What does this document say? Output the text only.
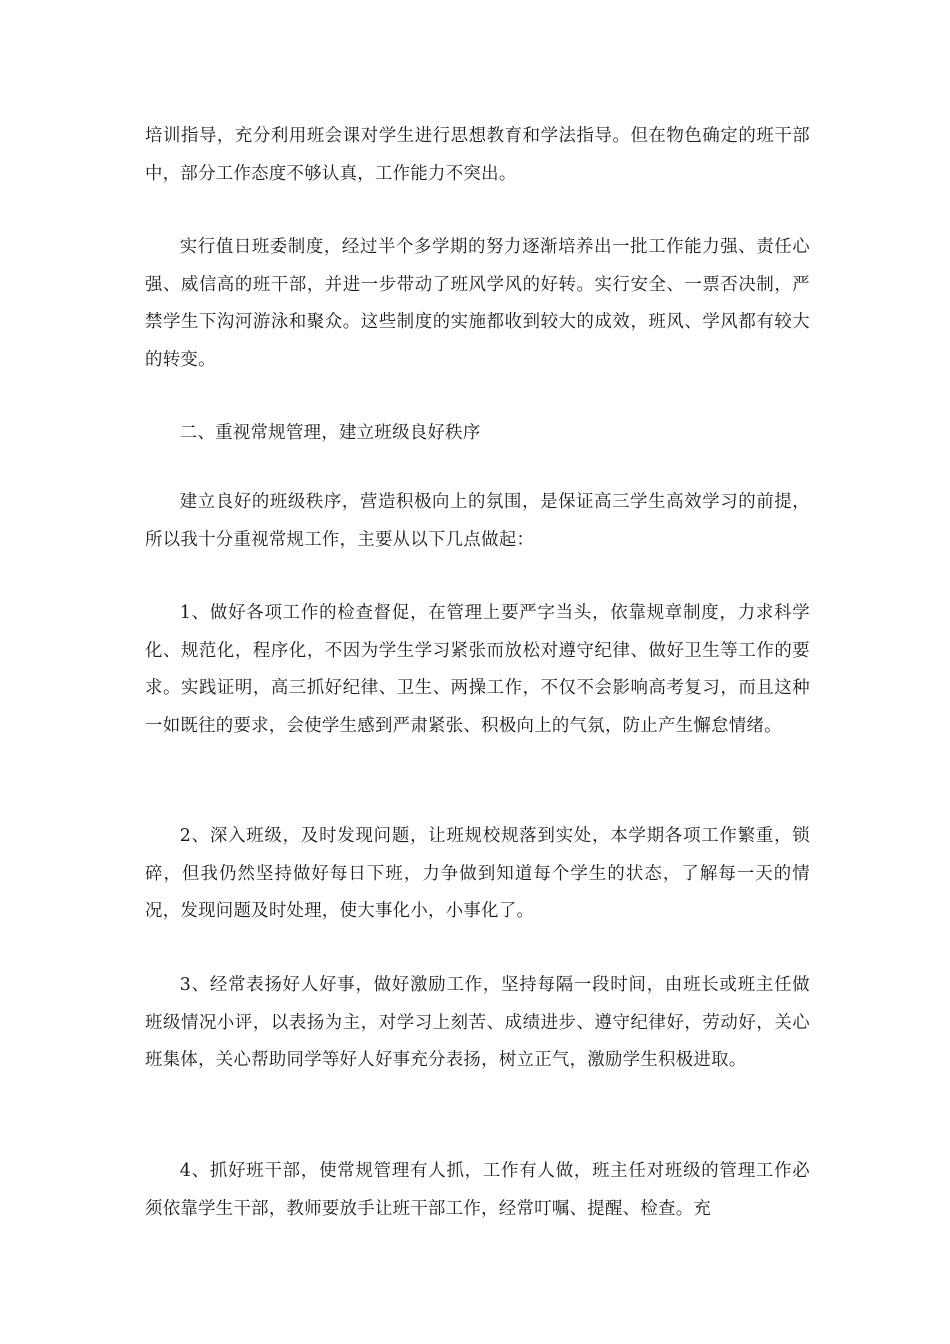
培训指导，充分利用班会课对学生进行思想教育和学法指导。但在物色确定的班干部中，部分工作态度不够认真，工作能力不突出。

实行值日班委制度，经过半个多学期的努力逐渐培养出一批工作能力强、责任心强、威信高的班干部，并进一步带动了班风学风的好转。实行安全、一票否决制，严禁学生下沟河游泳和聚众。这些制度的实施都收到较大的成效，班风、学风都有较大的转变。

二、重视常规管理，建立班级良好秩序

建立良好的班级秩序，营造积极向上的氛围，是保证高三学生高效学习的前提，所以我十分重视常规工作，主要从以下几点做起：

1、做好各项工作的检查督促，在管理上要严字当头，依靠规章制度，力求科学化、规范化，程序化，不因为学生学习紧张而放松对遵守纪律、做好卫生等工作的要求。实践证明，高三抓好纪律、卫生、两操工作，不仅不会影响高考复习，而且这种一如既往的要求，会使学生感到严肃紧张、积极向上的气氛，防止产生懈怠情绪。

2、深入班级，及时发现问题，让班规校规落到实处，本学期各项工作繁重，锁碎，但我仍然坚持做好每日下班，力争做到知道每个学生的状态，了解每一天的情况，发现问题及时处理，使大事化小，小事化了。

3、经常表扬好人好事，做好激励工作，坚持每隔一段时间，由班长或班主任做班级情况小评，以表扬为主，对学习上刻苦、成绩进步、遵守纪律好，劳动好，关心班集体，关心帮助同学等好人好事充分表扬，树立正气，激励学生积极进取。

4、抓好班干部，使常规管理有人抓，工作有人做，班主任对班级的管理工作必须依靠学生干部，教师要放手让班干部工作，经常叮嘱、提醒、检查。充
